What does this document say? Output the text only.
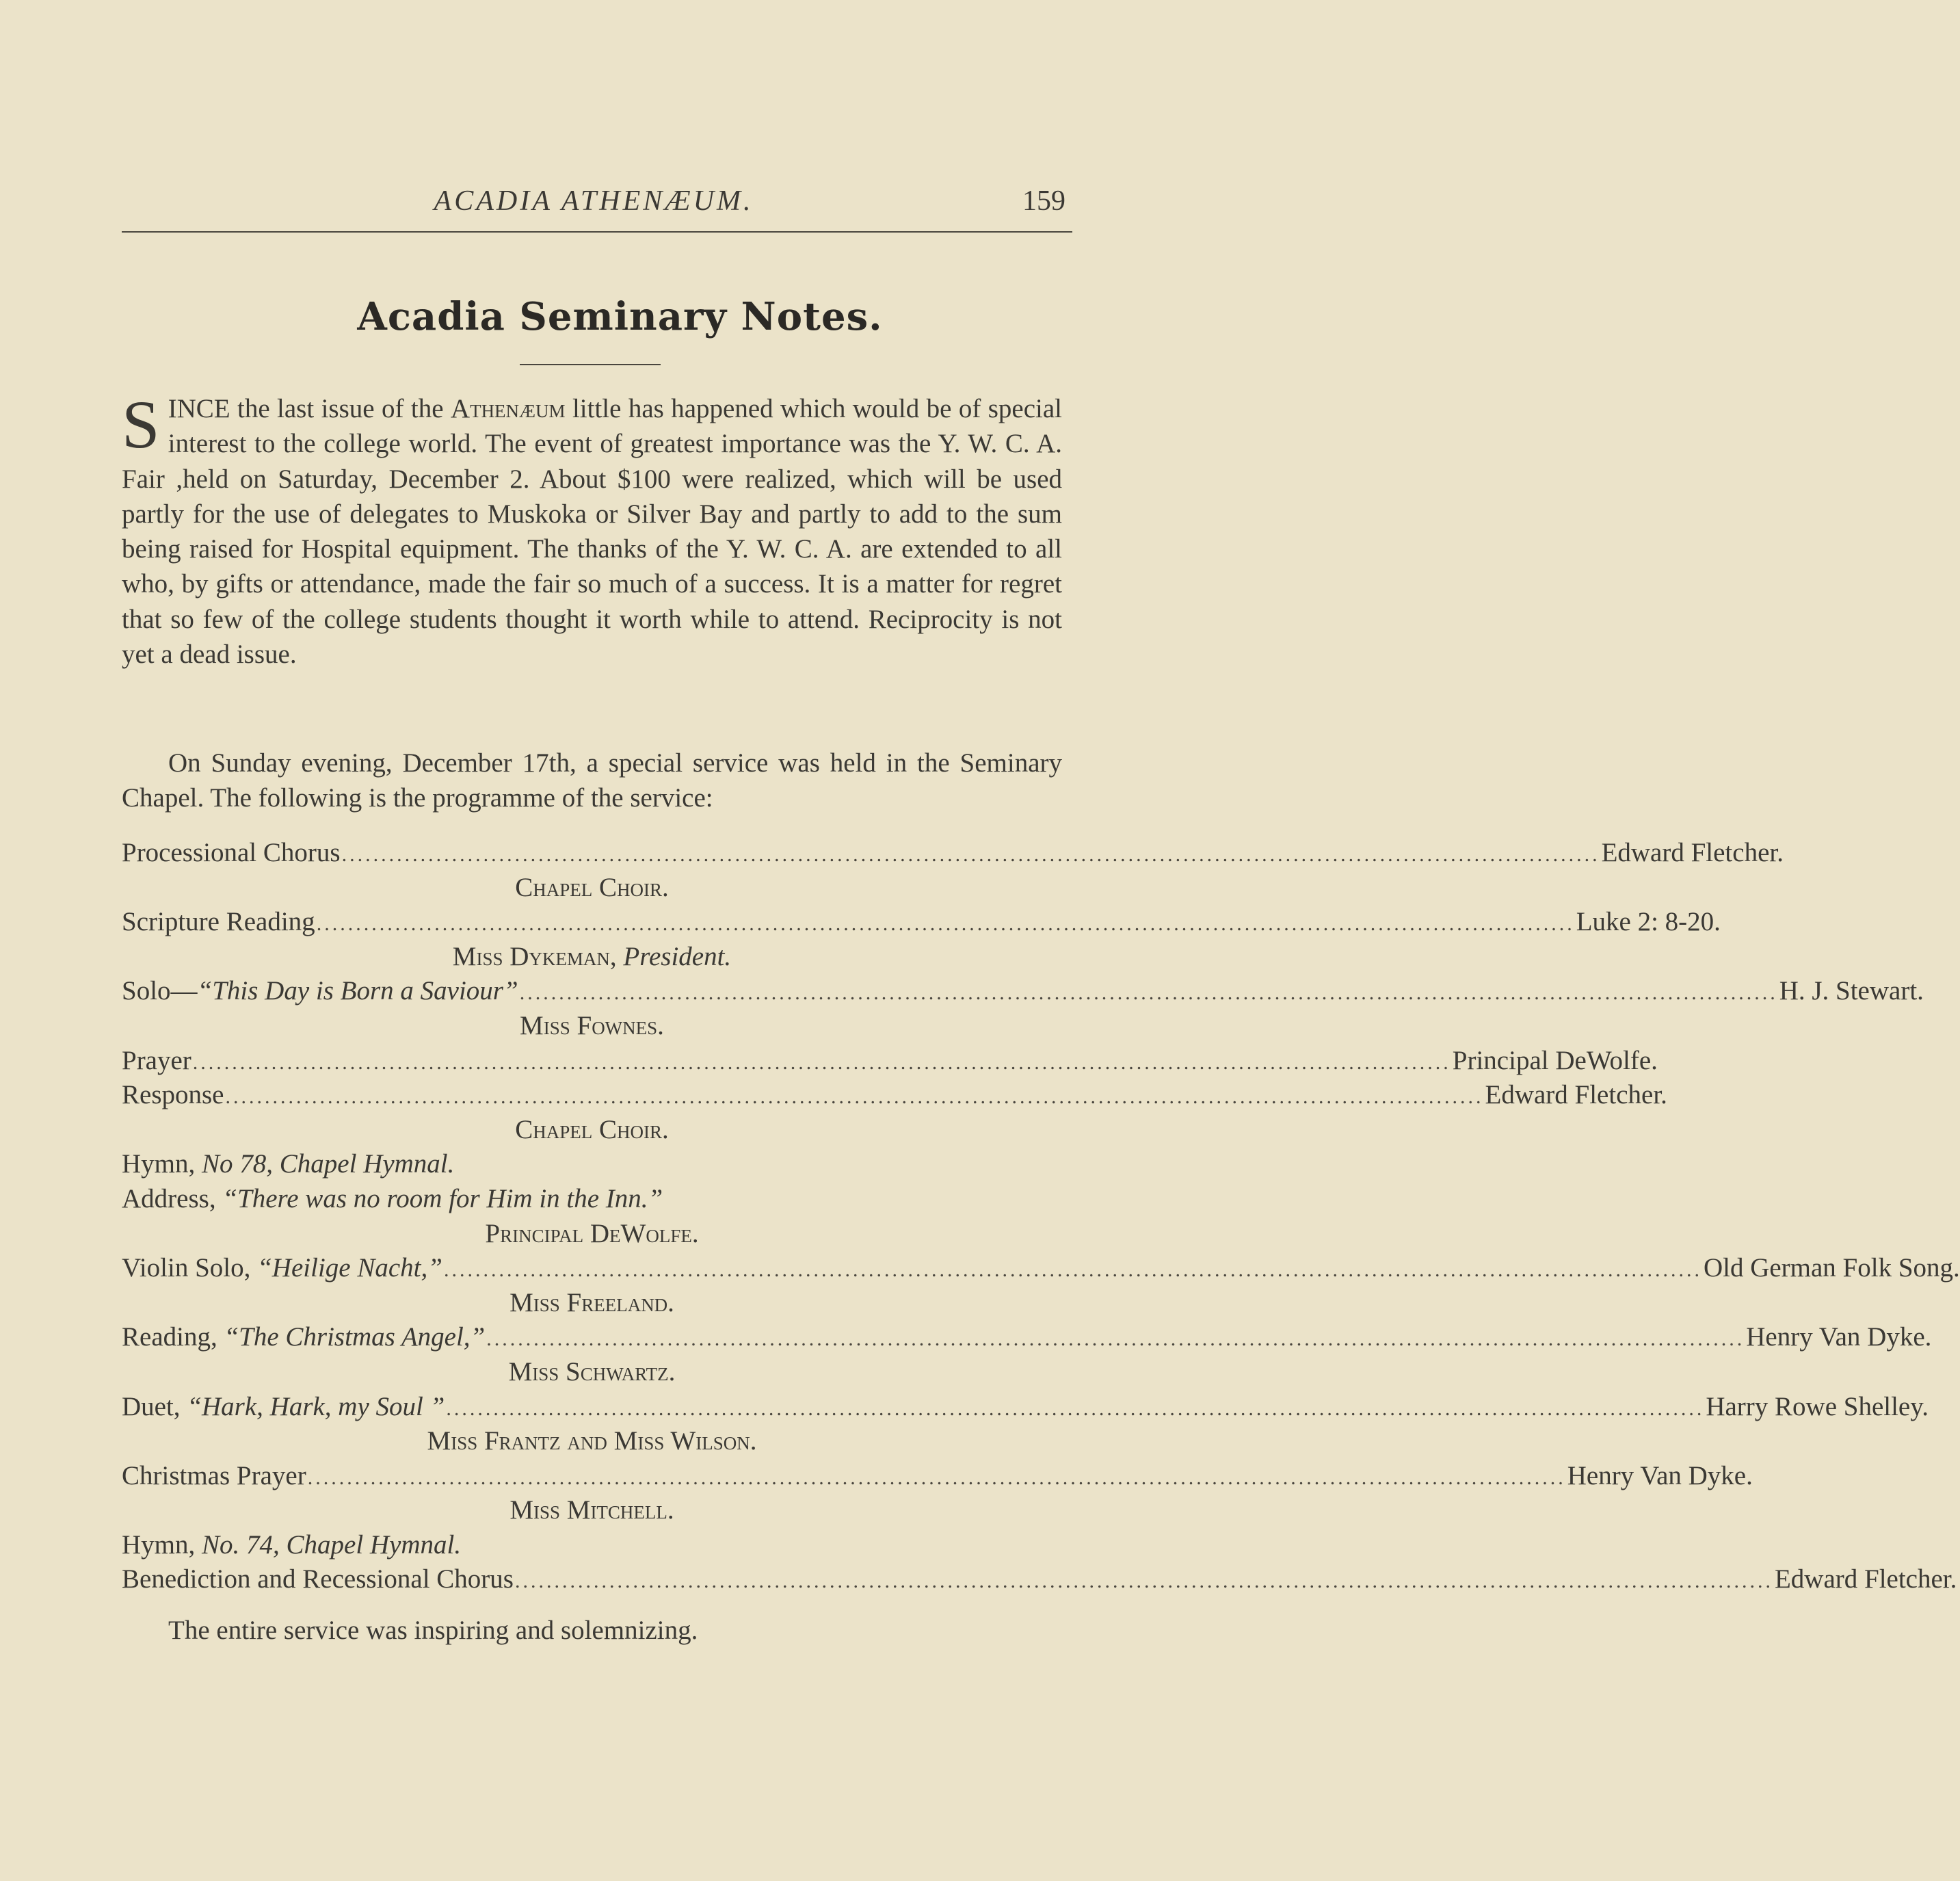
ACADIA ATHENÆUM.	159
Acadia Seminary Notes.
SINCE the last issue of the Athenæum little has happened which would be of special interest to the college world. The event of greatest importance was the Y. W. C. A. Fair ,held on Saturday, December 2. About $100 were realized, which will be used partly for the use of delegates to Muskoka or Silver Bay and partly to add to the sum being raised for Hospital equipment. The thanks of the Y. W. C. A. are extended to all who, by gifts or attendance, made the fair so much of a success. It is a matter for regret that so few of the college students thought it worth while to attend. Reciprocity is not yet a dead issue.
On Sunday evening, December 17th, a special service was held in the Seminary Chapel. The following is the programme of the service:
Processional Chorus ................................................................................................................................................................ Edward Fletcher.
Chapel Choir.
Scripture Reading ................................................................................................................................................................ Luke 2: 8-20.
Miss Dykeman, President.
Solo—“This Day is Born a Saviour” ................................................................................................................................................................ H. J. Stewart.
Miss Fownes.
Prayer ................................................................................................................................................................ Principal DeWolfe.
Response ................................................................................................................................................................ Edward Fletcher.
Chapel Choir.
Hymn, No 78, Chapel Hymnal.
Address, “There was no room for Him in the Inn.”
Principal DeWolfe.
Violin Solo, “Heilige Nacht,” ................................................................................................................................................................ Old German Folk Song.
Miss Freeland.
Reading, “The Christmas Angel,” ................................................................................................................................................................ Henry Van Dyke.
Miss Schwartz.
Duet, “Hark, Hark, my Soul ” ................................................................................................................................................................ Harry Rowe Shelley.
Miss Frantz and Miss Wilson.
Christmas Prayer ................................................................................................................................................................ Henry Van Dyke.
Miss Mitchell.
Hymn, No. 74, Chapel Hymnal.
Benediction and Recessional Chorus ................................................................................................................................................................ Edward Fletcher.
The entire service was inspiring and solemnizing.
